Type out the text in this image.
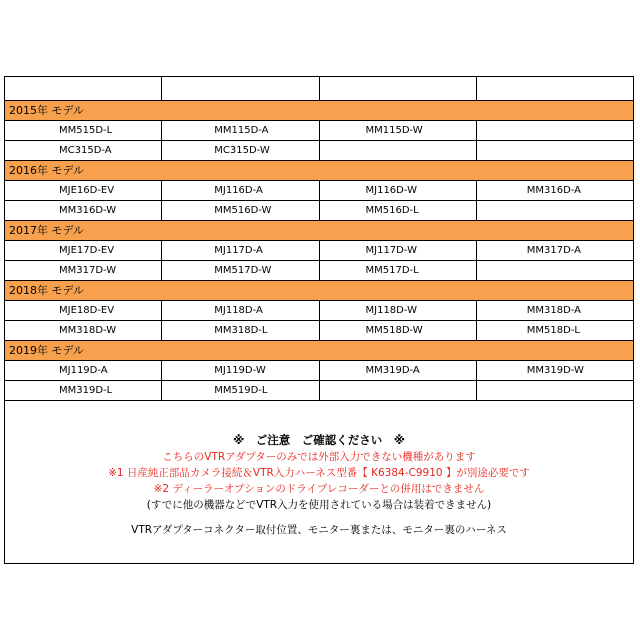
2015年 モデル			
MM515D-L	MM115D-A	MM115D-W	
MC315D-A	MC315D-W		
2016年 モデル			
MJE16D-EV	MJ116D-A	MJ116D-W	MM316D-A
MM316D-W	MM516D-W	MM516D-L	
2017年 モデル			
MJE17D-EV	MJ117D-A	MJ117D-W	MM317D-A
MM317D-W	MM517D-W	MM517D-L	
2018年 モデル			
MJE18D-EV	MJ118D-A	MJ118D-W	MM318D-A
MM318D-W	MM318D-L	MM518D-W	MM518D-L
2019年 モデル			
MJ119D-A	MJ119D-W	MM319D-A	MM319D-W
MM319D-L	MM519D-L		
※　ご注意　ご確認ください　※
こちらのVTRアダプターのみでは外部入力できない機種があります
※1 日産純正部品カメラ接続＆VTR入力ハーネス型番【 K6384-C9910 】が別途必要です
※2 ディーラーオプションのドライブレコーダーとの併用はできません
(すでに他の機器などでVTR入力を使用されている場合は装着できません)
VTRアダプターコネクター取付位置、モニター裏または、モニター裏のハーネス
